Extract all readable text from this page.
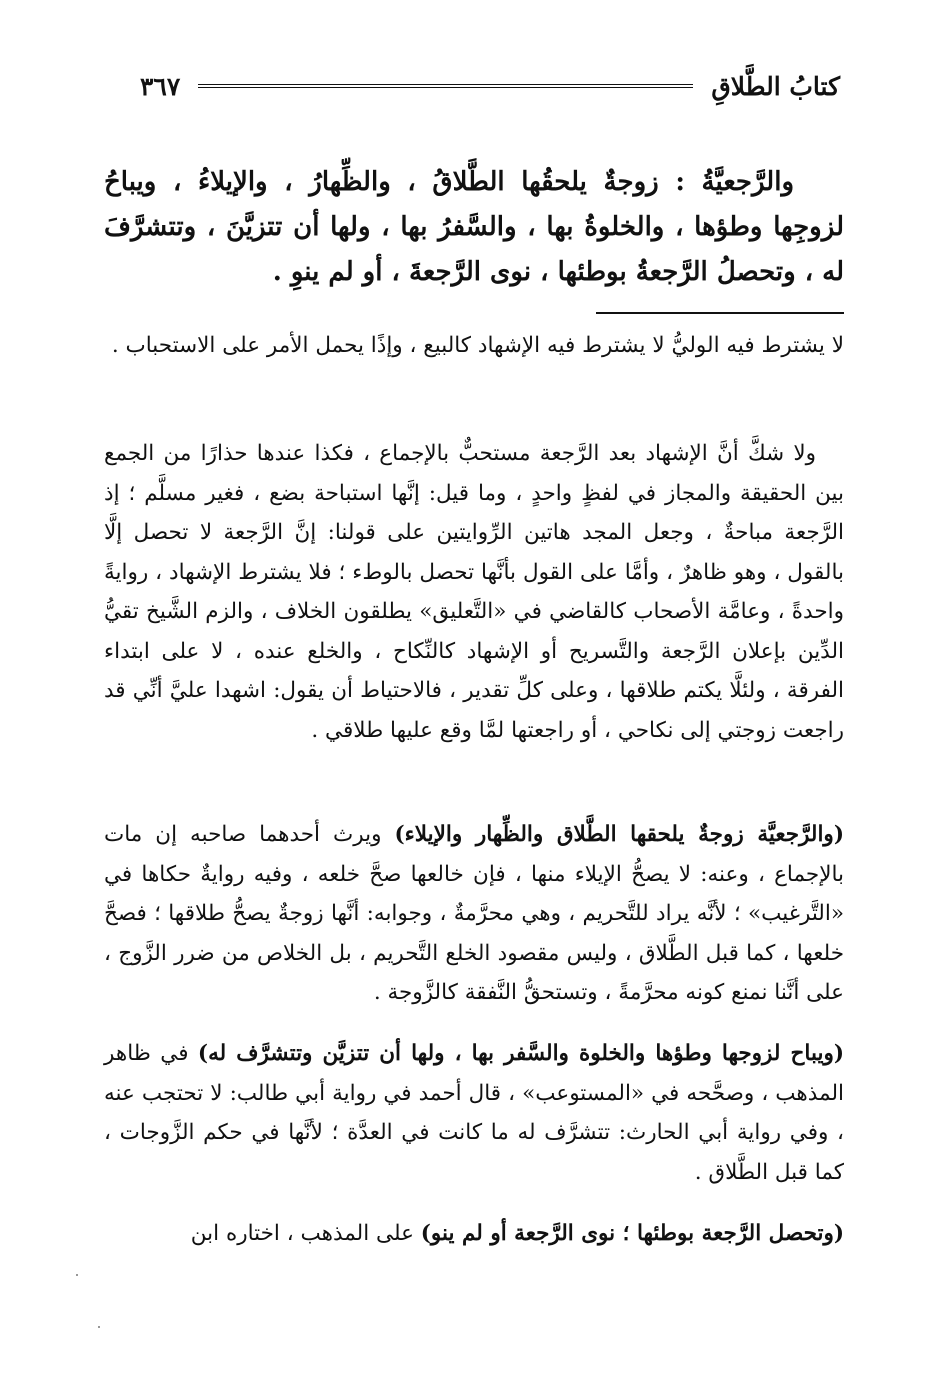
كتابُ الطَّلاقِ
٣٦٧

والرَّجعيَّةُ : زوجةٌ يلحقُها الطَّلاقُ ، والظِّهارُ ، والإيلاءُ ، ويباحُ لزوجِها وطؤها ، والخلوةُ بها ، والسَّفرُ بها ، ولها أن تتزيَّنَ ، وتتشرَّفَ له ، وتحصلُ الرَّجعةُ بوطئها ، نوى الرَّجعةَ ، أو لم ينوِ .

لا يشترط فيه الوليُّ لا يشترط فيه الإشهاد كالبيع ، وإذًا يحمل الأمر على الاستحباب .

ولا شكَّ أنَّ الإشهاد بعد الرَّجعة مستحبٌّ بالإجماع ، فكذا عندها حذارًا من الجمع بين الحقيقة والمجاز في لفظٍ واحدٍ ، وما قيل: إنَّها استباحة بضع ، فغير مسلَّم ؛ إذ الرَّجعة مباحةٌ ، وجعل المجد هاتين الرِّوايتين على قولنا: إنَّ الرَّجعة لا تحصل إلَّا بالقول ، وهو ظاهرٌ ، وأمَّا على القول بأنَّها تحصل بالوطء ؛ فلا يشترط الإشهاد ، روايةً واحدةً ، وعامَّة الأصحاب كالقاضي في «التَّعليق» يطلقون الخلاف ، والزم الشَّيخ تقيُّ الدِّين بإعلان الرَّجعة والتَّسريح أو الإشهاد كالنِّكاح ، والخلع عنده ، لا على ابتداء الفرقة ، ولئلَّا يكتم طلاقها ، وعلى كلِّ تقدير ، فالاحتياط أن يقول: اشهدا عليَّ أنِّي قد راجعت زوجتي إلى نكاحي ، أو راجعتها لمَّا وقع عليها طلاقي .

(والرَّجعيَّة زوجةٌ يلحقها الطَّلاق والظِّهار والإيلاء) ويرث أحدهما صاحبه إن مات بالإجماع ، وعنه: لا يصحُّ الإيلاء منها ، فإن خالعها صحَّ خلعه ، وفيه روايةٌ حكاها في «التَّرغيب» ؛ لأنَّه يراد للتَّحريم ، وهي محرَّمةٌ ، وجوابه: أنَّها زوجةٌ يصحُّ طلاقها ؛ فصحَّ خلعها ، كما قبل الطَّلاق ، وليس مقصود الخلع التَّحريم ، بل الخلاص من ضرر الزَّوج ، على أنَّنا نمنع كونه محرَّمةً ، وتستحقُّ النَّفقة كالزَّوجة .

(ويباح لزوجها وطؤها والخلوة والسَّفر بها ، ولها أن تتزيَّن وتتشرَّف له) في ظاهر المذهب ، وصحَّحه في «المستوعب» ، قال أحمد في رواية أبي طالب: لا تحتجب عنه ، وفي رواية أبي الحارث: تتشرَّف له ما كانت في العدَّة ؛ لأنَّها في حكم الزَّوجات ، كما قبل الطَّلاق .

(وتحصل الرَّجعة بوطئها ؛ نوى الرَّجعة أو لم ينو) على المذهب ، اختاره ابن
